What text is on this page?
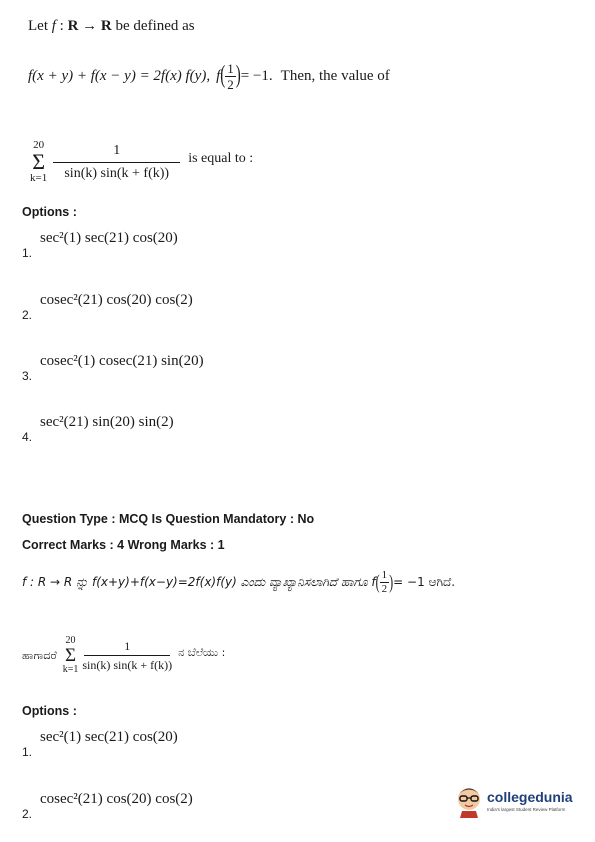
Let f : R → R be defined as
f(x + y) + f(x − y) = 2f(x) f(y), f ( $\frac{1}{2}$ ) = −1. Then, the value of
20
Σ
$k=1 \frac{1}{\sin(k) \sin(k + f(k))}$ is equal to :
Options :
1.
sec²(1) sec(21) cos(20)
2.
cosec²(21) cos(20) cos(2)
3.
cosec²(1) cosec(21) sin(20)
4.
sec²(21) sin(20) sin(2)
Question Type : MCQ Is Question Mandatory : No
Correct Marks : 4 Wrong Marks : 1
f : R → R ನ್ನು f(x+y)+f(x−y)=2f(x)f(y) ಎಂದು ವ್ಯಾಖ್ಯಾನಿಸಲಾಗಿದೆ ಹಾಗೂ f ( $\frac{1}{2}$ ) = −1 ಆಗಿದೆ.
ಹಾಗಾದರೆ
20
Σ
$k=1 \frac{1}{\sin(k) \sin(k + f(k))}$ ನ ಬೆಲೆಯು :
Options :
1.
sec²(1) sec(21) cos(20)
2.
cosec²(21) cos(20) cos(2)	collegedunia
India's largest Student Review Platform
